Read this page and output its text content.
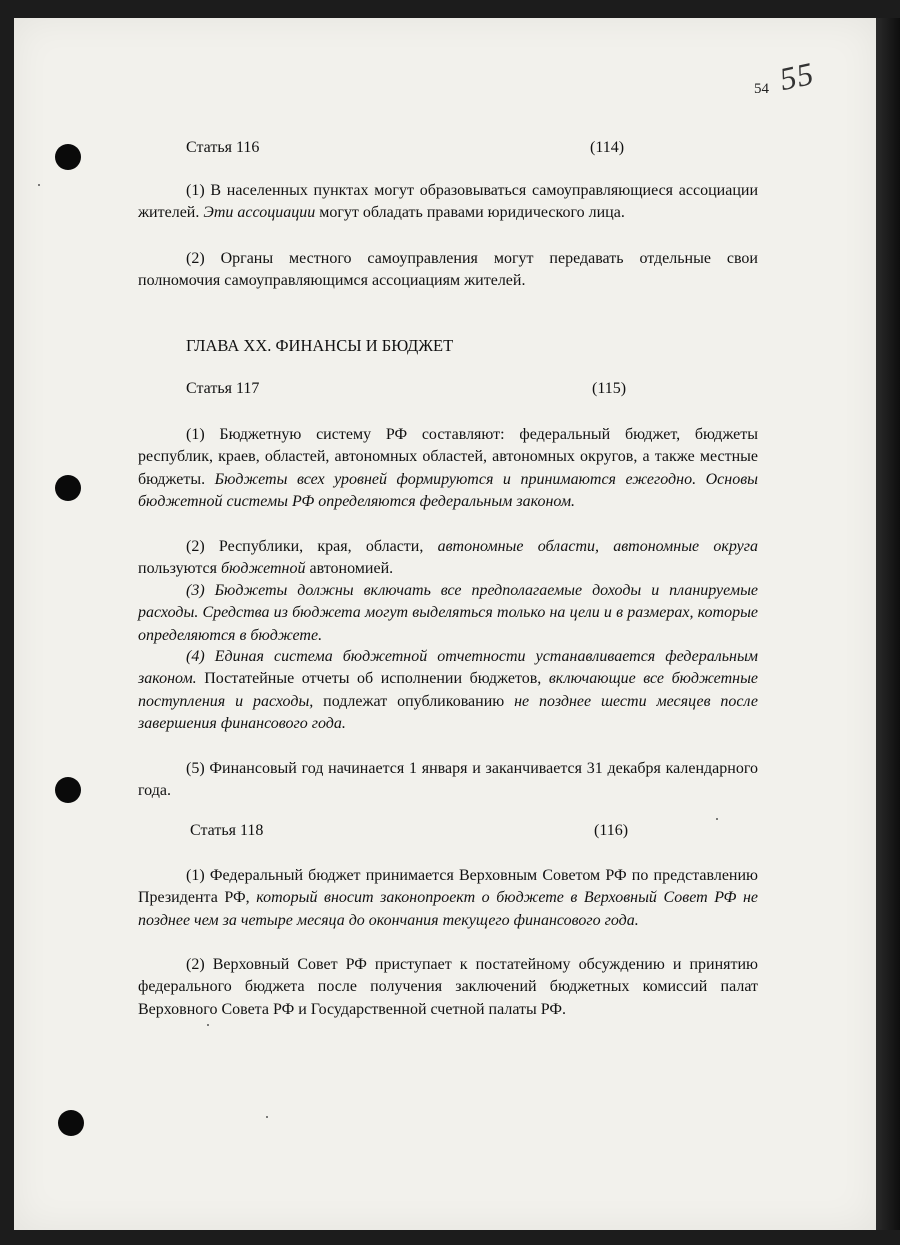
54 55
Статья 116	(114)

(1) В населенных пунктах могут образовываться самоуправляющиеся ассоциации жителей. Эти ассоциации могут обладать правами юридического лица.

(2) Органы местного самоуправления могут передавать отдельные свои полномочия самоуправляющимся ассоциациям жителей.

ГЛАВА XX. ФИНАНСЫ И БЮДЖЕТ
Статья 117	(115)

(1) Бюджетную систему РФ составляют: федеральный бюджет, бюджеты республик, краев, областей, автономных областей, автономных округов, а также местные бюджеты. Бюджеты всех уровней формируются и принимаются ежегодно. Основы бюджетной системы РФ определяются федеральным законом.

(2) Республики, края, области, автономные области, автономные округа пользуются бюджетной автономией.

(3) Бюджеты должны включать все предполагаемые доходы и планируемые расходы. Средства из бюджета могут выделяться только на цели и в размерах, которые определяются в бюджете.

(4) Единая система бюджетной отчетности устанавливается федеральным законом. Постатейные отчеты об исполнении бюджетов, включающие все бюджетные поступления и расходы, подлежат опубликованию не позднее шести месяцев после завершения финансового года.

(5) Финансовый год начинается 1 января и заканчивается 31 декабря календарного года.

Статья 118	(116)

(1) Федеральный бюджет принимается Верховным Советом РФ по представлению Президента РФ, который вносит законопроект о бюджете в Верховный Совет РФ не позднее чем за четыре месяца до окончания текущего финансового года.

(2) Верховный Совет РФ приступает к постатейному обсуждению и принятию федерального бюджета после получения заключений бюджетных комиссий палат Верховного Совета РФ и Государственной счетной палаты РФ.
